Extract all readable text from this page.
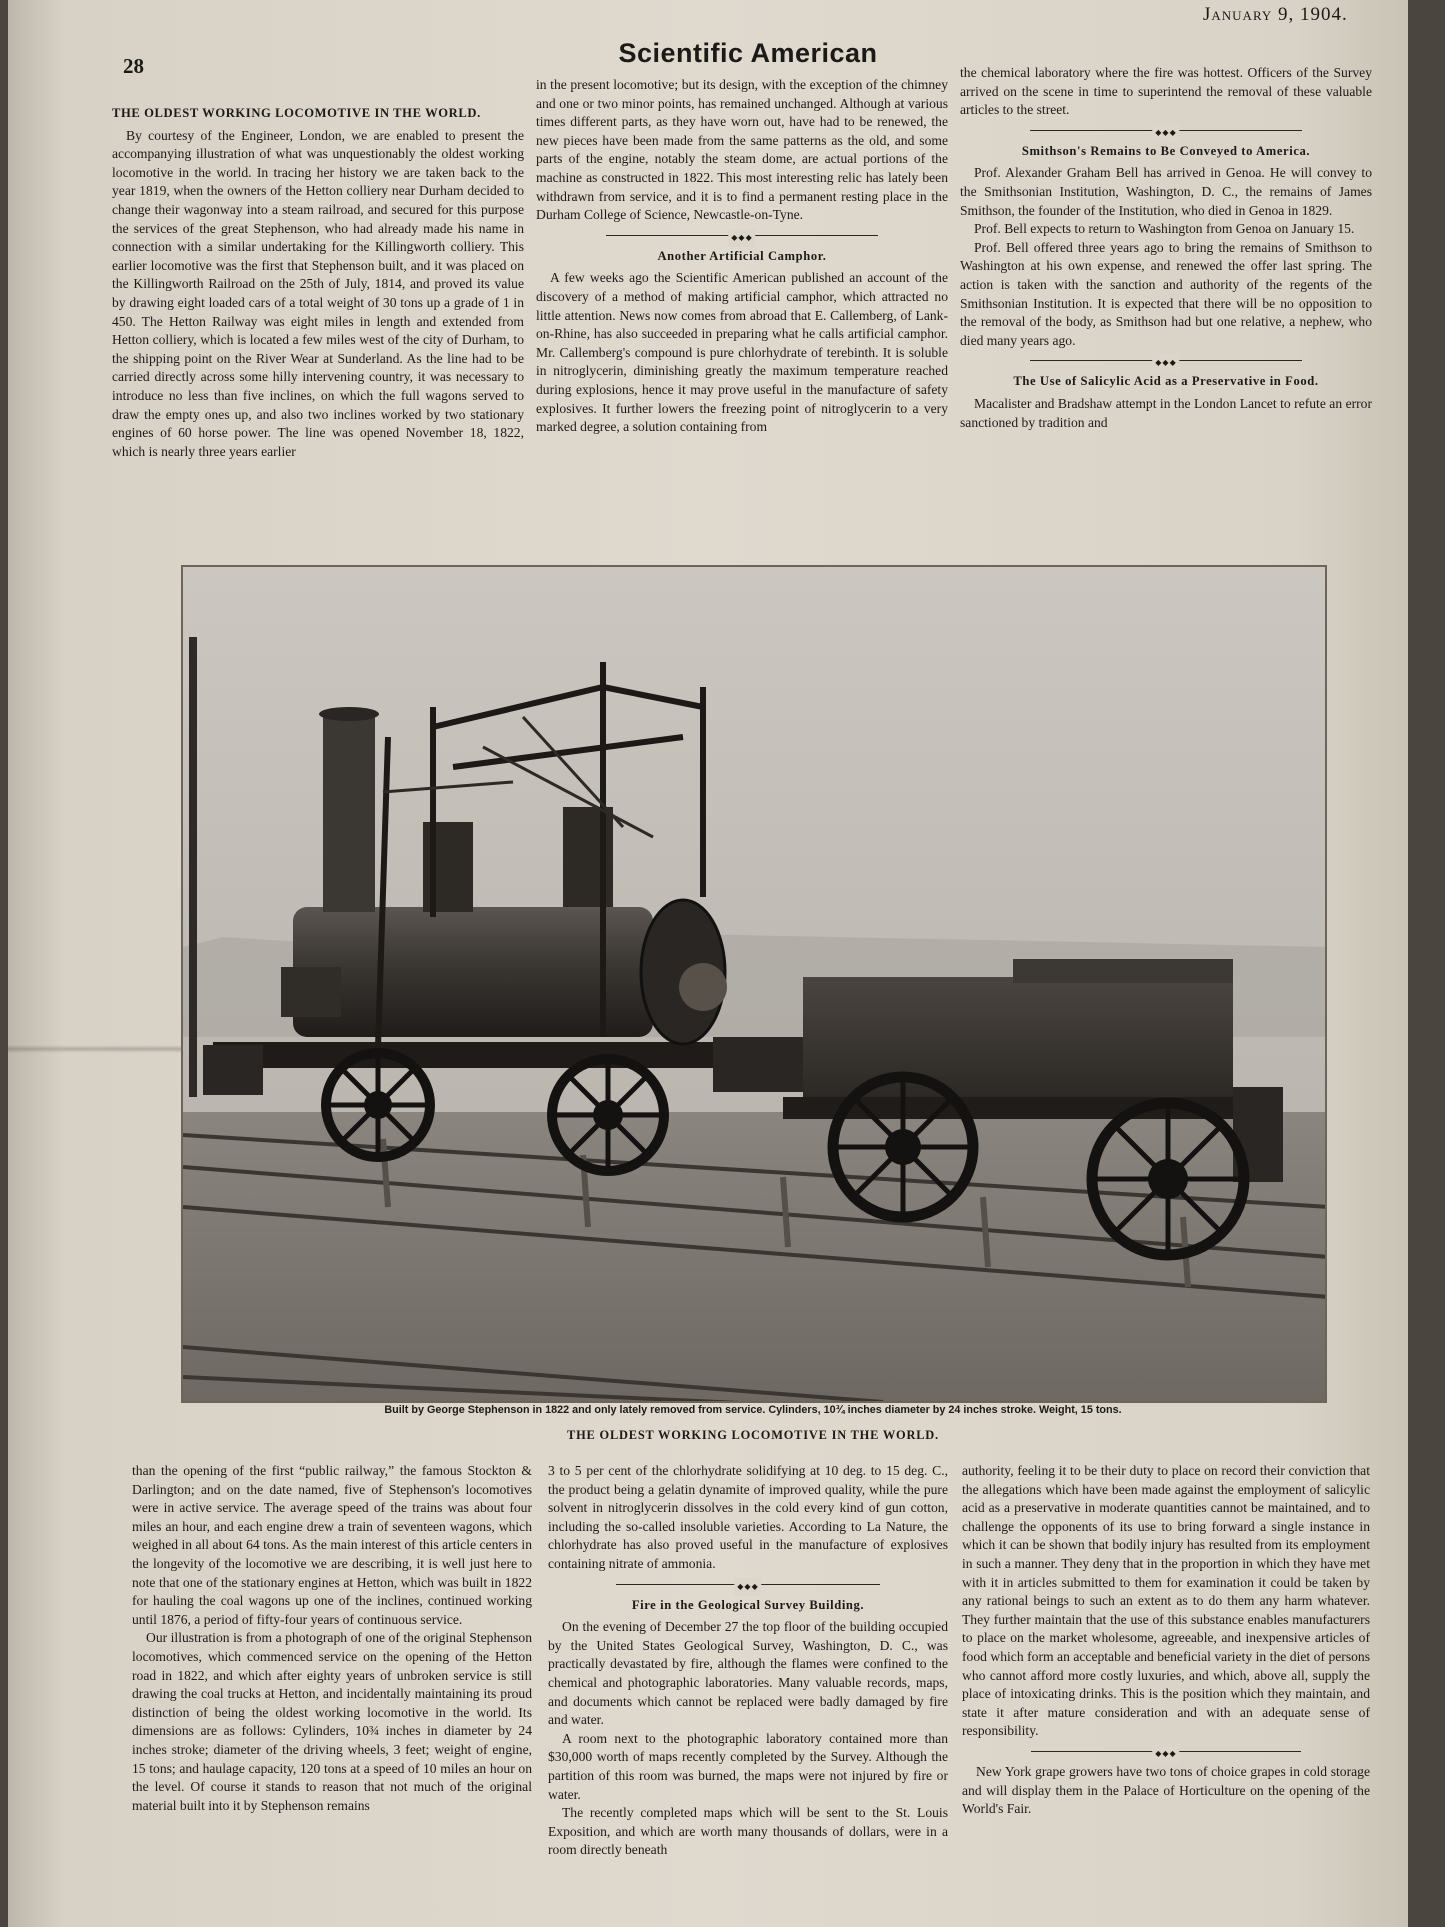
28	Scientific American
January 9, 1904.
THE OLDEST WORKING LOCOMOTIVE IN THE WORLD.

By courtesy of the Engineer, London, we are enabled to present the accompanying illustration of what was unquestionably the oldest working locomotive in the world. In tracing her history we are taken back to the year 1819, when the owners of the Hetton colliery near Durham decided to change their wagonway into a steam railroad, and secured for this purpose the services of the great Stephenson, who had already made his name in connection with a similar undertaking for the Killingworth colliery. This earlier locomotive was the first that Stephenson built, and it was placed on the Killingworth Railroad on the 25th of July, 1814, and proved its value by drawing eight loaded cars of a total weight of 30 tons up a grade of 1 in 450. The Hetton Railway was eight miles in length and extended from Hetton colliery, which is located a few miles west of the city of Durham, to the shipping point on the River Wear at Sunderland. As the line had to be carried directly across some hilly intervening country, it was necessary to introduce no less than five inclines, on which the full wagons served to draw the empty ones up, and also two inclines worked by two stationary engines of 60 horse power. The line was opened November 18, 1822, which is nearly three years earlier

in the present locomotive; but its design, with the exception of the chimney and one or two minor points, has remained unchanged. Although at various times different parts, as they have worn out, have had to be renewed, the new pieces have been made from the same patterns as the old, and some parts of the engine, notably the steam dome, are actual portions of the machine as constructed in 1822. This most interesting relic has lately been withdrawn from service, and it is to find a permanent resting place in the Durham College of Science, Newcastle-on-Tyne.

◆◆◆
Another Artificial Camphor.

A few weeks ago the Scientific American published an account of the discovery of a method of making artificial camphor, which attracted no little attention. News now comes from abroad that E. Callemberg, of Lank-on-Rhine, has also succeeded in preparing what he calls artificial camphor. Mr. Callemberg's compound is pure chlorhydrate of terebinth. It is soluble in nitroglycerin, diminishing greatly the maximum temperature reached during explosions, hence it may prove useful in the manufacture of safety explosives. It further lowers the freezing point of nitroglycerin to a very marked degree, a solution containing from

the chemical laboratory where the fire was hottest. Officers of the Survey arrived on the scene in time to superintend the removal of these valuable articles to the street.

◆◆◆
Smithson's Remains to Be Conveyed to America.

Prof. Alexander Graham Bell has arrived in Genoa. He will convey to the Smithsonian Institution, Washington, D. C., the remains of James Smithson, the founder of the Institution, who died in Genoa in 1829.

Prof. Bell expects to return to Washington from Genoa on January 15.

Prof. Bell offered three years ago to bring the remains of Smithson to Washington at his own expense, and renewed the offer last spring. The action is taken with the sanction and authority of the regents of the Smithsonian Institution. It is expected that there will be no opposition to the removal of the body, as Smithson had but one relative, a nephew, who died many years ago.

◆◆◆
The Use of Salicylic Acid as a Preservative in Food.

Macalister and Bradshaw attempt in the London Lancet to refute an error sanctioned by tradition and

Built by George Stephenson in 1822 and only lately removed from service. Cylinders, 10¾ inches diameter by 24 inches stroke. Weight, 15 tons.
THE OLDEST WORKING LOCOMOTIVE IN THE WORLD.

than the opening of the first “public railway,” the famous Stockton & Darlington; and on the date named, five of Stephenson's locomotives were in active service. The average speed of the trains was about four miles an hour, and each engine drew a train of seventeen wagons, which weighed in all about 64 tons. As the main interest of this article centers in the longevity of the locomotive we are describing, it is well just here to note that one of the stationary engines at Hetton, which was built in 1822 for hauling the coal wagons up one of the inclines, continued working until 1876, a period of fifty-four years of continuous service.

Our illustration is from a photograph of one of the original Stephenson locomotives, which commenced service on the opening of the Hetton road in 1822, and which after eighty years of unbroken service is still drawing the coal trucks at Hetton, and incidentally maintaining its proud distinction of being the oldest working locomotive in the world. Its dimensions are as follows: Cylinders, 10¾ inches in diameter by 24 inches stroke; diameter of the driving wheels, 3 feet; weight of engine, 15 tons; and haulage capacity, 120 tons at a speed of 10 miles an hour on the level. Of course it stands to reason that not much of the original material built into it by Stephenson remains

3 to 5 per cent of the chlorhydrate solidifying at 10 deg. to 15 deg. C., the product being a gelatin dynamite of improved quality, while the pure solvent in nitroglycerin dissolves in the cold every kind of gun cotton, including the so-called insoluble varieties. According to La Nature, the chlorhydrate has also proved useful in the manufacture of explosives containing nitrate of ammonia.

◆◆◆
Fire in the Geological Survey Building.

On the evening of December 27 the top floor of the building occupied by the United States Geological Survey, Washington, D. C., was practically devastated by fire, although the flames were confined to the chemical and photographic laboratories. Many valuable records, maps, and documents which cannot be replaced were badly damaged by fire and water.

A room next to the photographic laboratory contained more than $30,000 worth of maps recently completed by the Survey. Although the partition of this room was burned, the maps were not injured by fire or water.

The recently completed maps which will be sent to the St. Louis Exposition, and which are worth many thousands of dollars, were in a room directly beneath

authority, feeling it to be their duty to place on record their conviction that the allegations which have been made against the employment of salicylic acid as a preservative in moderate quantities cannot be maintained, and to challenge the opponents of its use to bring forward a single instance in which it can be shown that bodily injury has resulted from its employment in such a manner. They deny that in the proportion in which they have met with it in articles submitted to them for examination it could be taken by any rational beings to such an extent as to do them any harm whatever. They further maintain that the use of this substance enables manufacturers to place on the market wholesome, agreeable, and inexpensive articles of food which form an acceptable and beneficial variety in the diet of persons who cannot afford more costly luxuries, and which, above all, supply the place of intoxicating drinks. This is the position which they maintain, and state it after mature consideration and with an adequate sense of responsibility.

◆◆◆

New York grape growers have two tons of choice grapes in cold storage and will display them in the Palace of Horticulture on the opening of the World's Fair.
